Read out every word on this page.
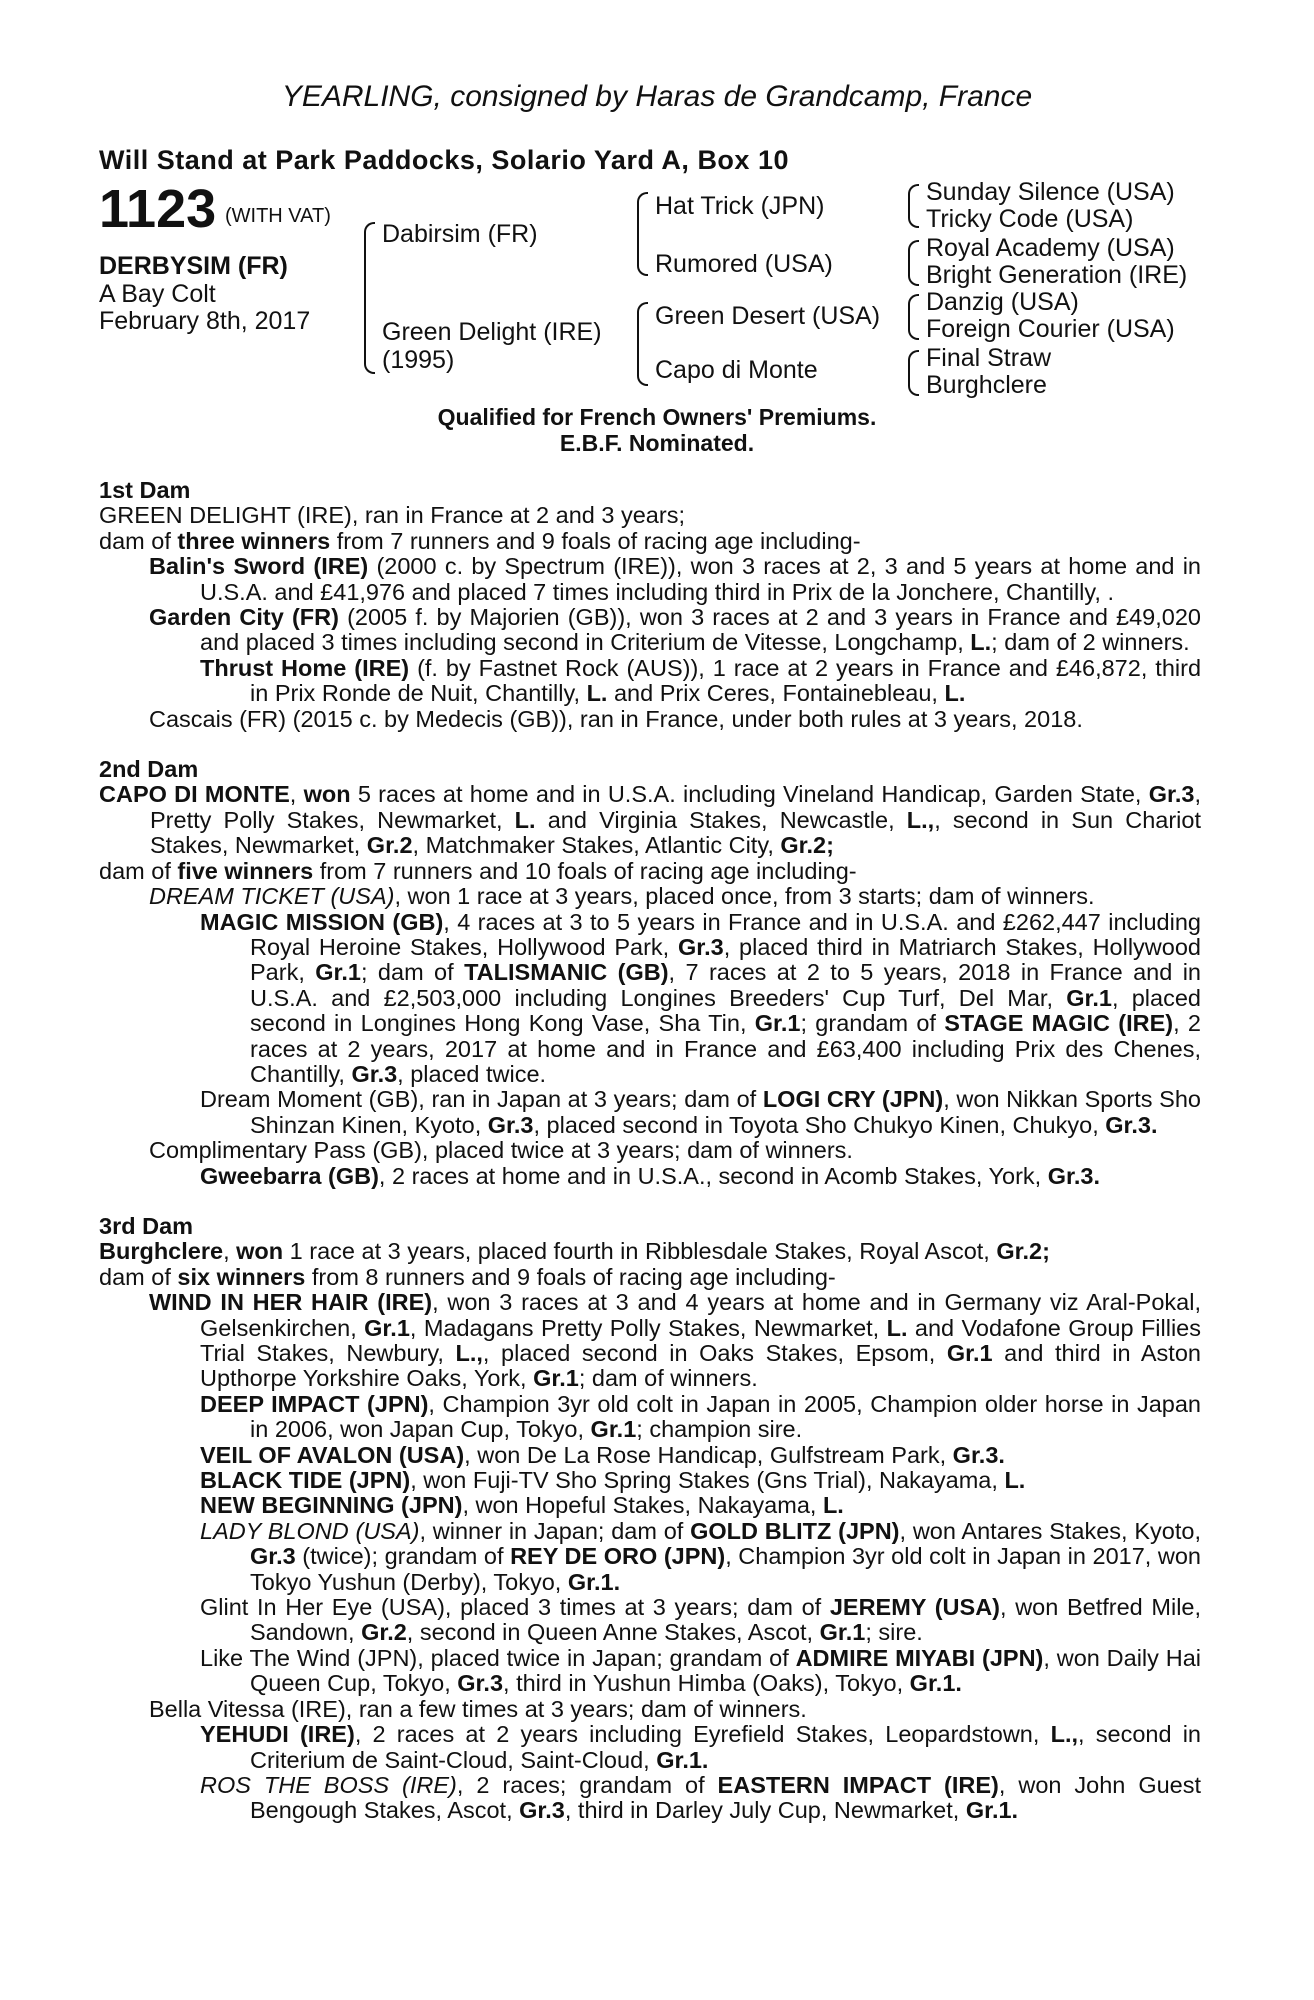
YEARLING, consigned by Haras de Grandcamp, France
Will Stand at Park Paddocks, Solario Yard A, Box 10
1123 (WITH VAT)
DERBYSIM (FR)
A Bay Colt
February 8th, 2017
Dabirsim (FR)
Green Delight (IRE)
(1995)
Hat Trick (JPN)
Rumored (USA)
Green Desert (USA)
Capo di Monte
Sunday Silence (USA)
Tricky Code (USA)
Royal Academy (USA)
Bright Generation (IRE)
Danzig (USA)
Foreign Courier (USA)
Final Straw
Burghclere
Qualified for French Owners' Premiums.
E.B.F. Nominated.
1st Dam
GREEN DELIGHT (IRE), ran in France at 2 and 3 years;
dam of three winners from 7 runners and 9 foals of racing age including-
Balin's Sword (IRE) (2000 c. by Spectrum (IRE)), won 3 races at 2, 3 and 5 years at home and in U.S.A. and £41,976 and placed 7 times including third in Prix de la Jonchere, Chantilly, .
Garden City (FR) (2005 f. by Majorien (GB)), won 3 races at 2 and 3 years in France and £49,020 and placed 3 times including second in Criterium de Vitesse, Longchamp, L.; dam of 2 winners.
Thrust Home (IRE) (f. by Fastnet Rock (AUS)), 1 race at 2 years in France and £46,872, third in Prix Ronde de Nuit, Chantilly, L. and Prix Ceres, Fontainebleau, L.
Cascais (FR) (2015 c. by Medecis (GB)), ran in France, under both rules at 3 years, 2018.
2nd Dam
CAPO DI MONTE, won 5 races at home and in U.S.A. including Vineland Handicap, Garden State, Gr.3, Pretty Polly Stakes, Newmarket, L. and Virginia Stakes, Newcastle, L.,, second in Sun Chariot Stakes, Newmarket, Gr.2, Matchmaker Stakes, Atlantic City, Gr.2;
dam of five winners from 7 runners and 10 foals of racing age including-
DREAM TICKET (USA), won 1 race at 3 years, placed once, from 3 starts; dam of winners.
MAGIC MISSION (GB), 4 races at 3 to 5 years in France and in U.S.A. and £262,447 including Royal Heroine Stakes, Hollywood Park, Gr.3, placed third in Matriarch Stakes, Hollywood Park, Gr.1; dam of TALISMANIC (GB), 7 races at 2 to 5 years, 2018 in France and in U.S.A. and £2,503,000 including Longines Breeders' Cup Turf, Del Mar, Gr.1, placed second in Longines Hong Kong Vase, Sha Tin, Gr.1; grandam of STAGE MAGIC (IRE), 2 races at 2 years, 2017 at home and in France and £63,400 including Prix des Chenes, Chantilly, Gr.3, placed twice.
Dream Moment (GB), ran in Japan at 3 years; dam of LOGI CRY (JPN), won Nikkan Sports Sho Shinzan Kinen, Kyoto, Gr.3, placed second in Toyota Sho Chukyo Kinen, Chukyo, Gr.3.
Complimentary Pass (GB), placed twice at 3 years; dam of winners.
Gweebarra (GB), 2 races at home and in U.S.A., second in Acomb Stakes, York, Gr.3.
3rd Dam
Burghclere, won 1 race at 3 years, placed fourth in Ribblesdale Stakes, Royal Ascot, Gr.2;
dam of six winners from 8 runners and 9 foals of racing age including-
WIND IN HER HAIR (IRE), won 3 races at 3 and 4 years at home and in Germany viz Aral-Pokal, Gelsenkirchen, Gr.1, Madagans Pretty Polly Stakes, Newmarket, L. and Vodafone Group Fillies Trial Stakes, Newbury, L.,, placed second in Oaks Stakes, Epsom, Gr.1 and third in Aston Upthorpe Yorkshire Oaks, York, Gr.1; dam of winners.
DEEP IMPACT (JPN), Champion 3yr old colt in Japan in 2005, Champion older horse in Japan in 2006, won Japan Cup, Tokyo, Gr.1; champion sire.
VEIL OF AVALON (USA), won De La Rose Handicap, Gulfstream Park, Gr.3.
BLACK TIDE (JPN), won Fuji-TV Sho Spring Stakes (Gns Trial), Nakayama, L.
NEW BEGINNING (JPN), won Hopeful Stakes, Nakayama, L.
LADY BLOND (USA), winner in Japan; dam of GOLD BLITZ (JPN), won Antares Stakes, Kyoto, Gr.3 (twice); grandam of REY DE ORO (JPN), Champion 3yr old colt in Japan in 2017, won Tokyo Yushun (Derby), Tokyo, Gr.1.
Glint In Her Eye (USA), placed 3 times at 3 years; dam of JEREMY (USA), won Betfred Mile, Sandown, Gr.2, second in Queen Anne Stakes, Ascot, Gr.1; sire.
Like The Wind (JPN), placed twice in Japan; grandam of ADMIRE MIYABI (JPN), won Daily Hai Queen Cup, Tokyo, Gr.3, third in Yushun Himba (Oaks), Tokyo, Gr.1.
Bella Vitessa (IRE), ran a few times at 3 years; dam of winners.
YEHUDI (IRE), 2 races at 2 years including Eyrefield Stakes, Leopardstown, L.,, second in Criterium de Saint-Cloud, Saint-Cloud, Gr.1.
ROS THE BOSS (IRE), 2 races; grandam of EASTERN IMPACT (IRE), won John Guest Bengough Stakes, Ascot, Gr.3, third in Darley July Cup, Newmarket, Gr.1.
